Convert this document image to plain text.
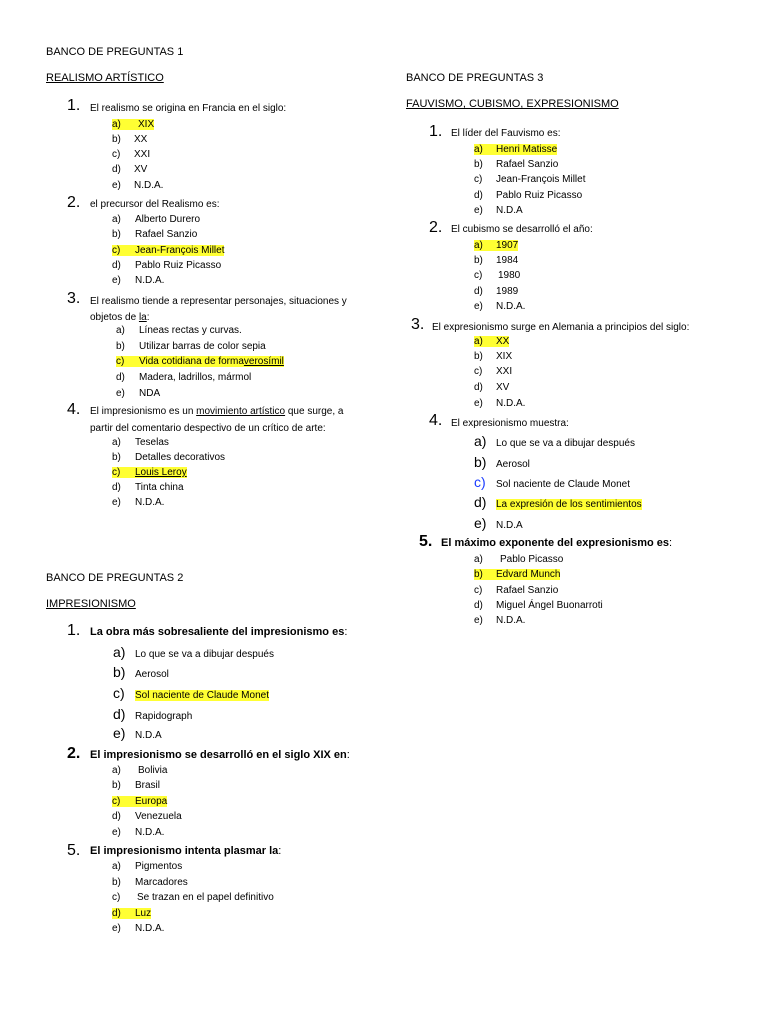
BANCO DE PREGUNTAS 1
REALISMO ARTÍSTICO
1. El realismo se origina en Francia en el siglo:
a) XIX
b) XX
c) XXI
d) XV
e) N.D.A.
2. el precursor del Realismo es:
a) Alberto Durero
b) Rafael Sanzio
c) Jean-François Millet
d) Pablo Ruiz Picasso
e) N.D.A.
3. El realismo tiende a representar personajes, situaciones y
objetos de la:
a) Líneas rectas y curvas.
b) Utilizar barras de color sepia
c) Vida cotidiana de formaverosímil
d) Madera, ladrillos, mármol
e) NDA
4. El impresionismo es un movimiento artístico que surge, a
partir del comentario despectivo de un crítico de arte:
a) Teselas
b) Detalles decorativos
c) Louis Leroy
d) Tinta china
e) N.D.A.
BANCO DE PREGUNTAS 2
IMPRESIONISMO
1. La obra más sobresaliente del impresionismo es:
a) Lo que se va a dibujar después
b) Aerosol
c) Sol naciente de Claude Monet
d) Rapidograph
e) N.D.A
2. El impresionismo se desarrolló en el siglo XIX en:
a) Bolivia
b) Brasil
c) Europa
d) Venezuela
e) N.D.A.
5. El impresionismo intenta plasmar la:
a) Pigmentos
b) Marcadores
c) Se trazan en el papel definitivo
d) Luz
e) N.D.A.
BANCO DE PREGUNTAS 3
FAUVISMO, CUBISMO, EXPRESIONISMO
1. El líder del Fauvismo es:
a) Henri Matisse
b) Rafael Sanzio
c) Jean-François Millet
d) Pablo Ruiz Picasso
e) N.D.A
2. El cubismo se desarrolló el año:
a) 1907
b) 1984
c) 1980
d) 1989
e) N.D.A.
3. El expresionismo surge en Alemania a principios del siglo:
a) XX
b) XIX
c) XXI
d) XV
e) N.D.A.
4. El expresionismo muestra:
a) Lo que se va a dibujar después
b) Aerosol
c) Sol naciente de Claude Monet
d) La expresión de los sentimientos
e) N.D.A
5. El máximo exponente del expresionismo es:
a) Pablo Picasso
b) Edvard Munch
c) Rafael Sanzio
d) Miguel Ángel Buonarroti
e) N.D.A.
